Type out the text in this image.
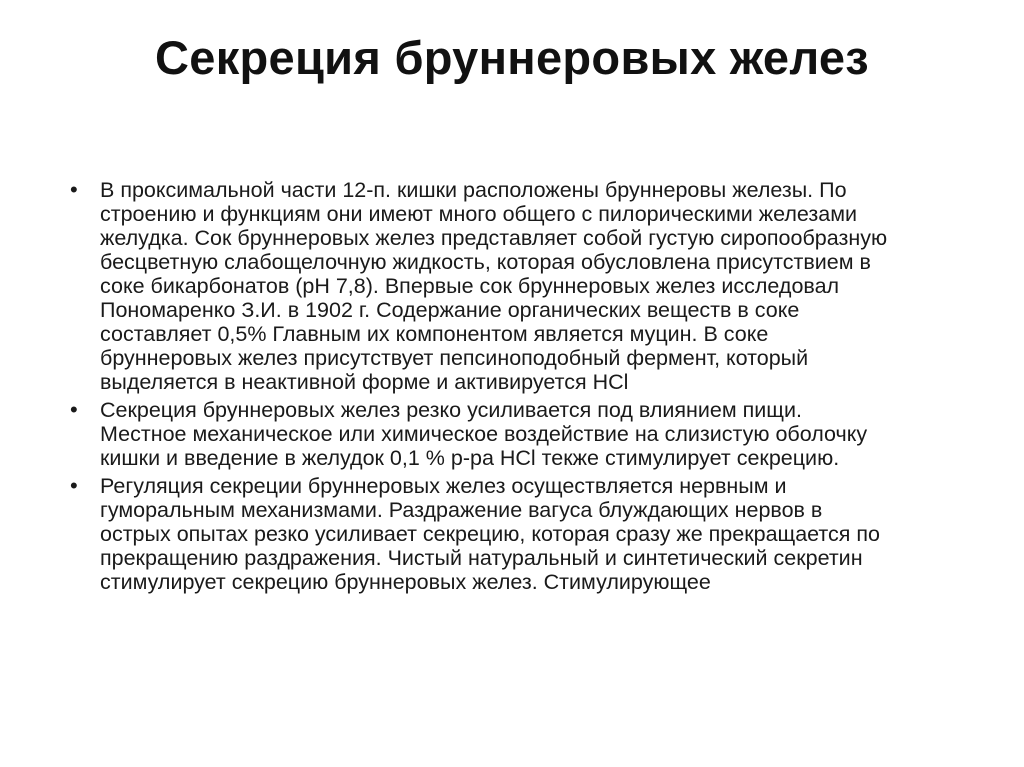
Секреция бруннеровых желез
• В проксимальной части 12-п. кишки расположены бруннеровы железы. По
строению и функциям они имеют много общего с пилорическими железами
желудка. Сок бруннеровых желез представляет собой густую сиропообразную
бесцветную слабощелочную жидкость, которая обусловлена присутствием в
соке бикарбонатов (рН 7,8). Впервые сок бруннеровых желез исследовал
Пономаренко З.И. в 1902 г. Содержание органических веществ в соке
составляет 0,5% Главным их компонентом является муцин. В соке
бруннеровых желез присутствует пепсиноподобный фермент, который
выделяется в неактивной форме и активируется HCl
• Секреция бруннеровых желез резко усиливается под влиянием пищи.
Местное механическое или химическое воздействие на слизистую оболочку
кишки и введение в желудок 0,1 % р-ра HCl текже стимулирует секрецию.
• Регуляция секреции бруннеровых желез осуществляется нервным и
гуморальным механизмами. Раздражение вагуса блуждающих нервов в
острых опытах резко усиливает секрецию, которая сразу же прекращается по
прекращению раздражения. Чистый натуральный и синтетический секретин
стимулирует секрецию бруннеровых желез. Стимулирующее
